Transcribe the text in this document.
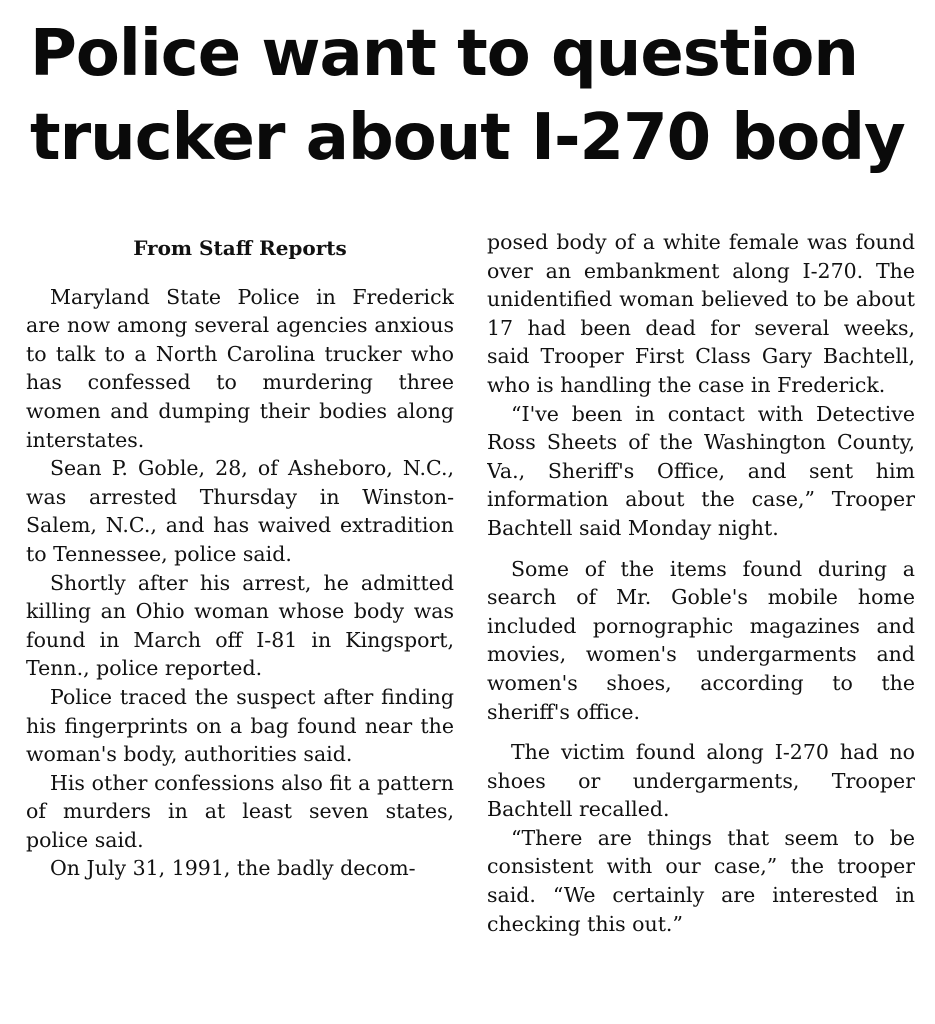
Police want to question trucker about I-270 body
From Staff Reports

Maryland State Police in Frederick are now among several agencies anxious to talk to a North Carolina trucker who has confessed to murdering three women and dumping their bodies along interstates.

Sean P. Goble, 28, of Asheboro, N.C., was arrested Thursday in Winston-Salem, N.C., and has waived extradition to Tennessee, police said.

Shortly after his arrest, he admitted killing an Ohio woman whose body was found in March off I-81 in Kingsport, Tenn., police reported.

Police traced the suspect after finding his fingerprints on a bag found near the woman's body, authorities said.

His other confessions also fit a pattern of murders in at least seven states, police said.

On July 31, 1991, the badly decom-

posed body of a white female was found over an embankment along I-270. The unidentified woman believed to be about 17 had been dead for several weeks, said Trooper First Class Gary Bachtell, who is handling the case in Frederick.

“I've been in contact with Detective Ross Sheets of the Washington County, Va., Sheriff's Office, and sent him information about the case,” Trooper Bachtell said Monday night.

Some of the items found during a search of Mr. Goble's mobile home included pornographic magazines and movies, women's undergarments and women's shoes, according to the sheriff's office.

The victim found along I-270 had no shoes or undergarments, Trooper Bachtell recalled.

“There are things that seem to be consistent with our case,” the trooper said. “We certainly are interested in checking this out.”
